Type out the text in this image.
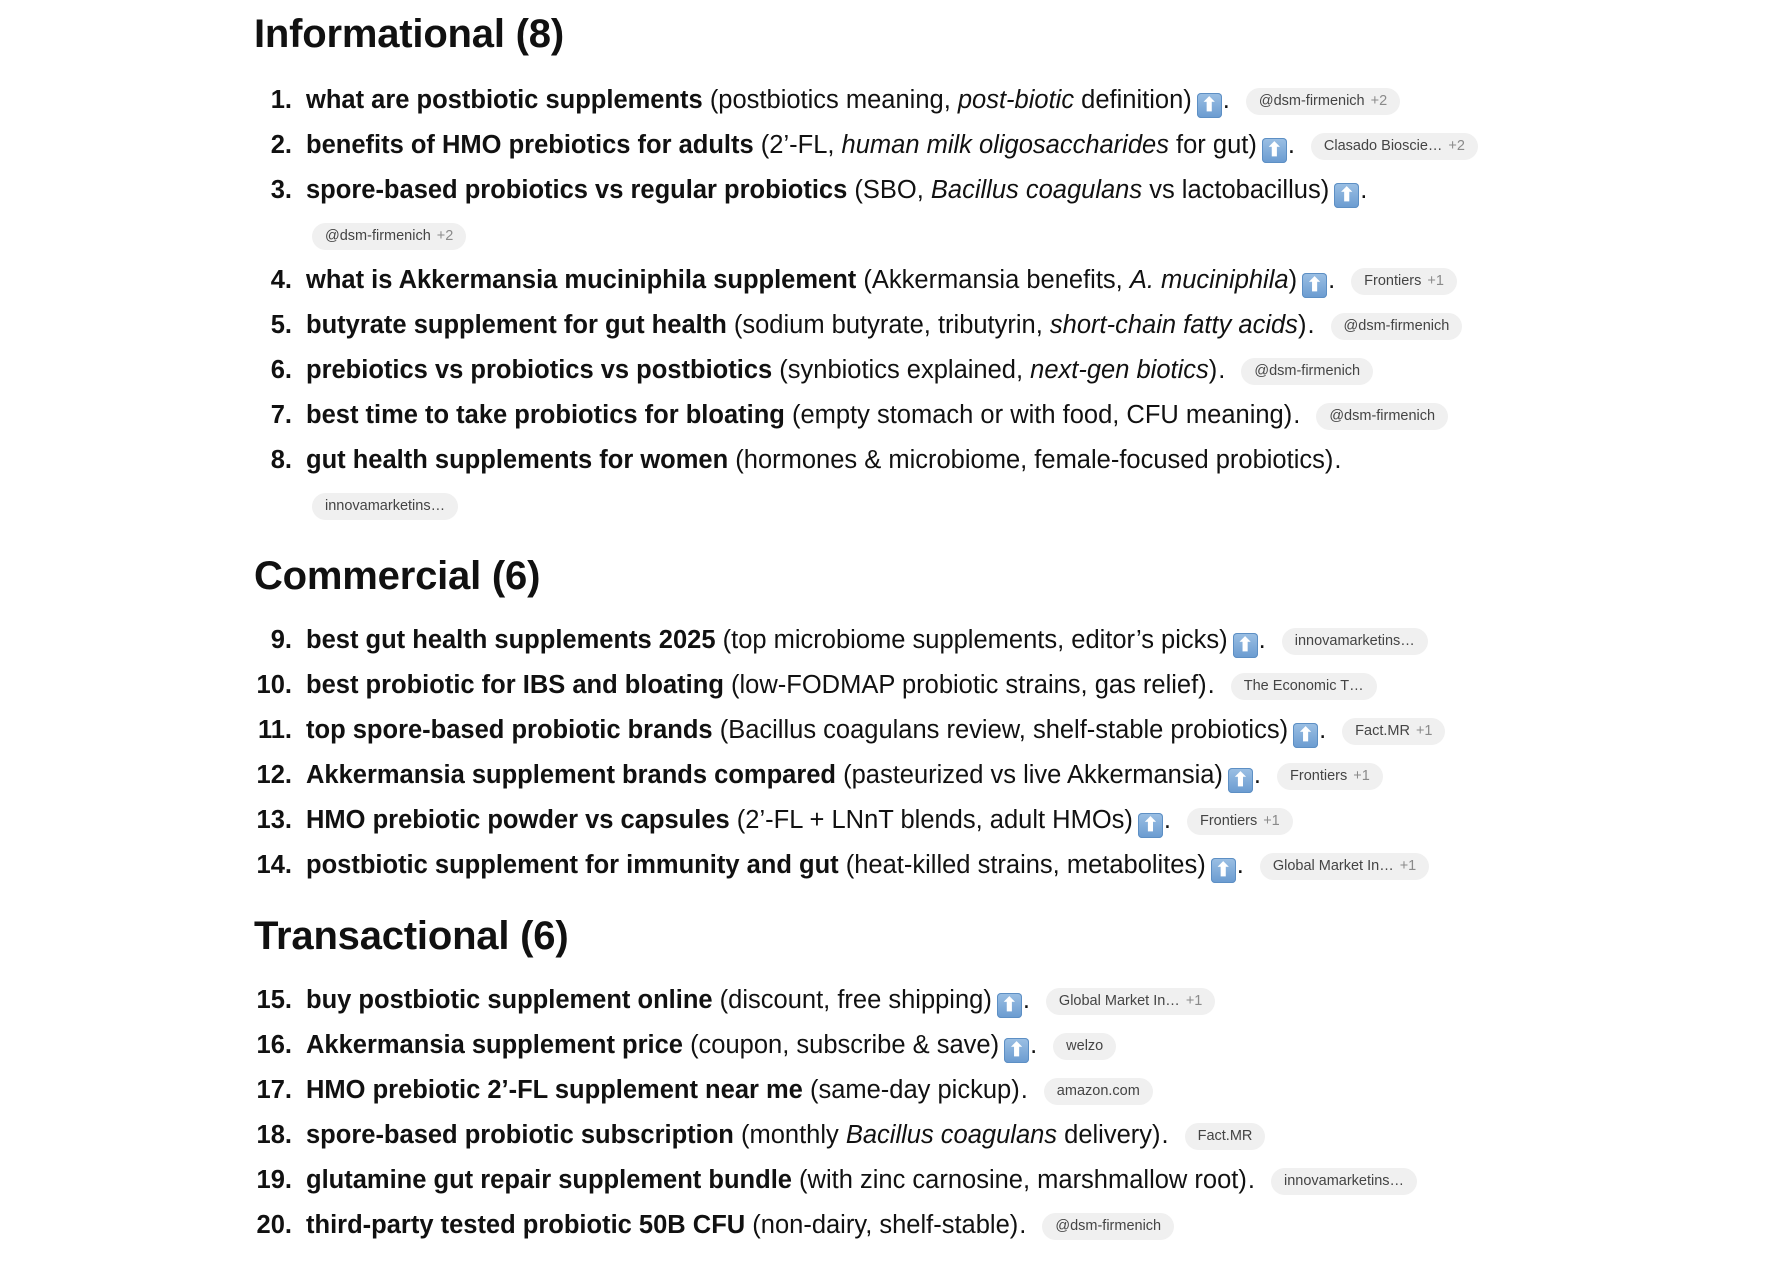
Informational (8)
1. what are postbiotic supplements (postbiotics meaning, post-biotic definition) ⬆ . @dsm-firmenich +2
2. benefits of HMO prebiotics for adults (2’-FL, human milk oligosaccharides for gut) ⬆ . Clasado Bioscie… +2
3. spore-based probiotics vs regular probiotics (SBO, Bacillus coagulans vs lactobacillus) ⬆ .
@dsm-firmenich +2
4. what is Akkermansia muciniphila supplement (Akkermansia benefits, A. muciniphila) ⬆ . Frontiers +1
5. butyrate supplement for gut health (sodium butyrate, tributyrin, short-chain fatty acids). @dsm-firmenich
6. prebiotics vs probiotics vs postbiotics (synbiotics explained, next-gen biotics). @dsm-firmenich
7. best time to take probiotics for bloating (empty stomach or with food, CFU meaning). @dsm-firmenich
8. gut health supplements for women (hormones & microbiome, female-focused probiotics).
innovamarketins…
Commercial (6)
9. best gut health supplements 2025 (top microbiome supplements, editor’s picks) ⬆ . innovamarketins…
10. best probiotic for IBS and bloating (low-FODMAP probiotic strains, gas relief). The Economic T…
11. top spore-based probiotic brands (Bacillus coagulans review, shelf-stable probiotics) ⬆ . Fact.MR +1
12. Akkermansia supplement brands compared (pasteurized vs live Akkermansia) ⬆ . Frontiers +1
13. HMO prebiotic powder vs capsules (2’-FL + LNnT blends, adult HMOs) ⬆ . Frontiers +1
14. postbiotic supplement for immunity and gut (heat-killed strains, metabolites) ⬆ . Global Market In… +1
Transactional (6)
15. buy postbiotic supplement online (discount, free shipping) ⬆ . Global Market In… +1
16. Akkermansia supplement price (coupon, subscribe & save) ⬆ . welzo
17. HMO prebiotic 2’-FL supplement near me (same-day pickup). amazon.com
18. spore-based probiotic subscription (monthly Bacillus coagulans delivery). Fact.MR
19. glutamine gut repair supplement bundle (with zinc carnosine, marshmallow root). innovamarketins…
20. third-party tested probiotic 50B CFU (non-dairy, shelf-stable). @dsm-firmenich
